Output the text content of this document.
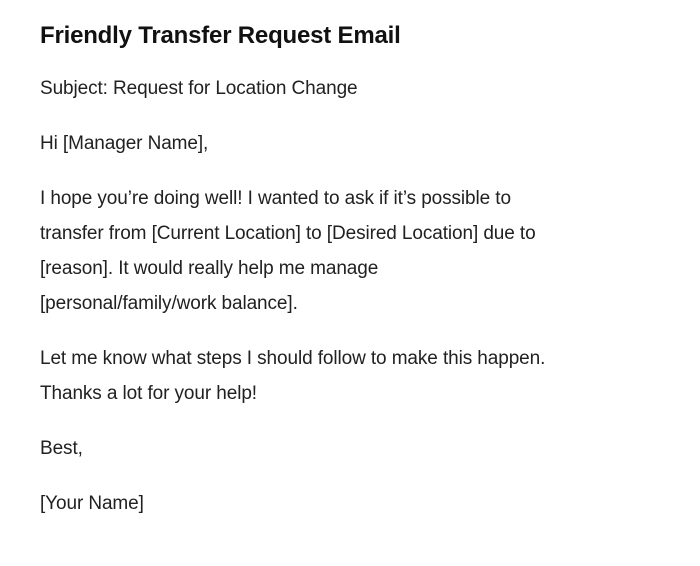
Friendly Transfer Request Email

Subject: Request for Location Change

Hi [Manager Name],

I hope you’re doing well! I wanted to ask if it’s possible to
transfer from [Current Location] to [Desired Location] due to
[reason]. It would really help me manage
[personal/family/work balance].

Let me know what steps I should follow to make this happen.
Thanks a lot for your help!

Best,

[Your Name]
